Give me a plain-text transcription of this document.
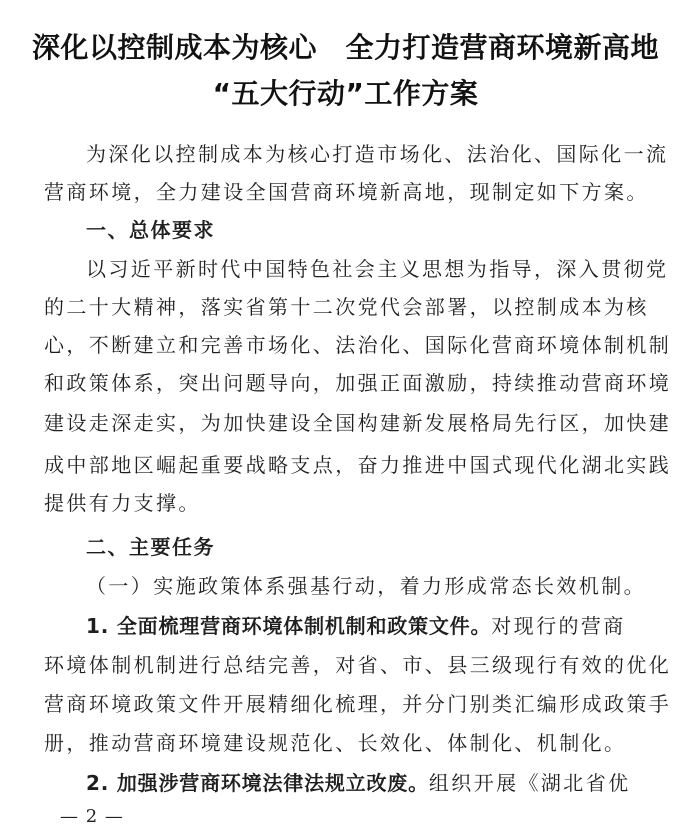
深化以控制成本为核心　全力打造营商环境新高地
“五大行动”工作方案
为深化以控制成本为核心打造市场化、法治化、国际化一流
营商环境，全力建设全国营商环境新高地，现制定如下方案。
一、总体要求
以习近平新时代中国特色社会主义思想为指导，深入贯彻党
的二十大精神，落实省第十二次党代会部署，以控制成本为核
心，不断建立和完善市场化、法治化、国际化营商环境体制机制
和政策体系，突出问题导向，加强正面激励，持续推动营商环境
建设走深走实，为加快建设全国构建新发展格局先行区，加快建
成中部地区崛起重要战略支点，奋力推进中国式现代化湖北实践
提供有力支撑。
二、主要任务
（一）实施政策体系强基行动，着力形成常态长效机制。
1. 全面梳理营商环境体制机制和政策文件。对现行的营商
环境体制机制进行总结完善，对省、市、县三级现行有效的优化
营商环境政策文件开展精细化梳理，并分门别类汇编形成政策手
册，推动营商环境建设规范化、长效化、体制化、机制化。
2. 加强涉营商环境法律法规立改废。组织开展《湖北省优
— 2 —
